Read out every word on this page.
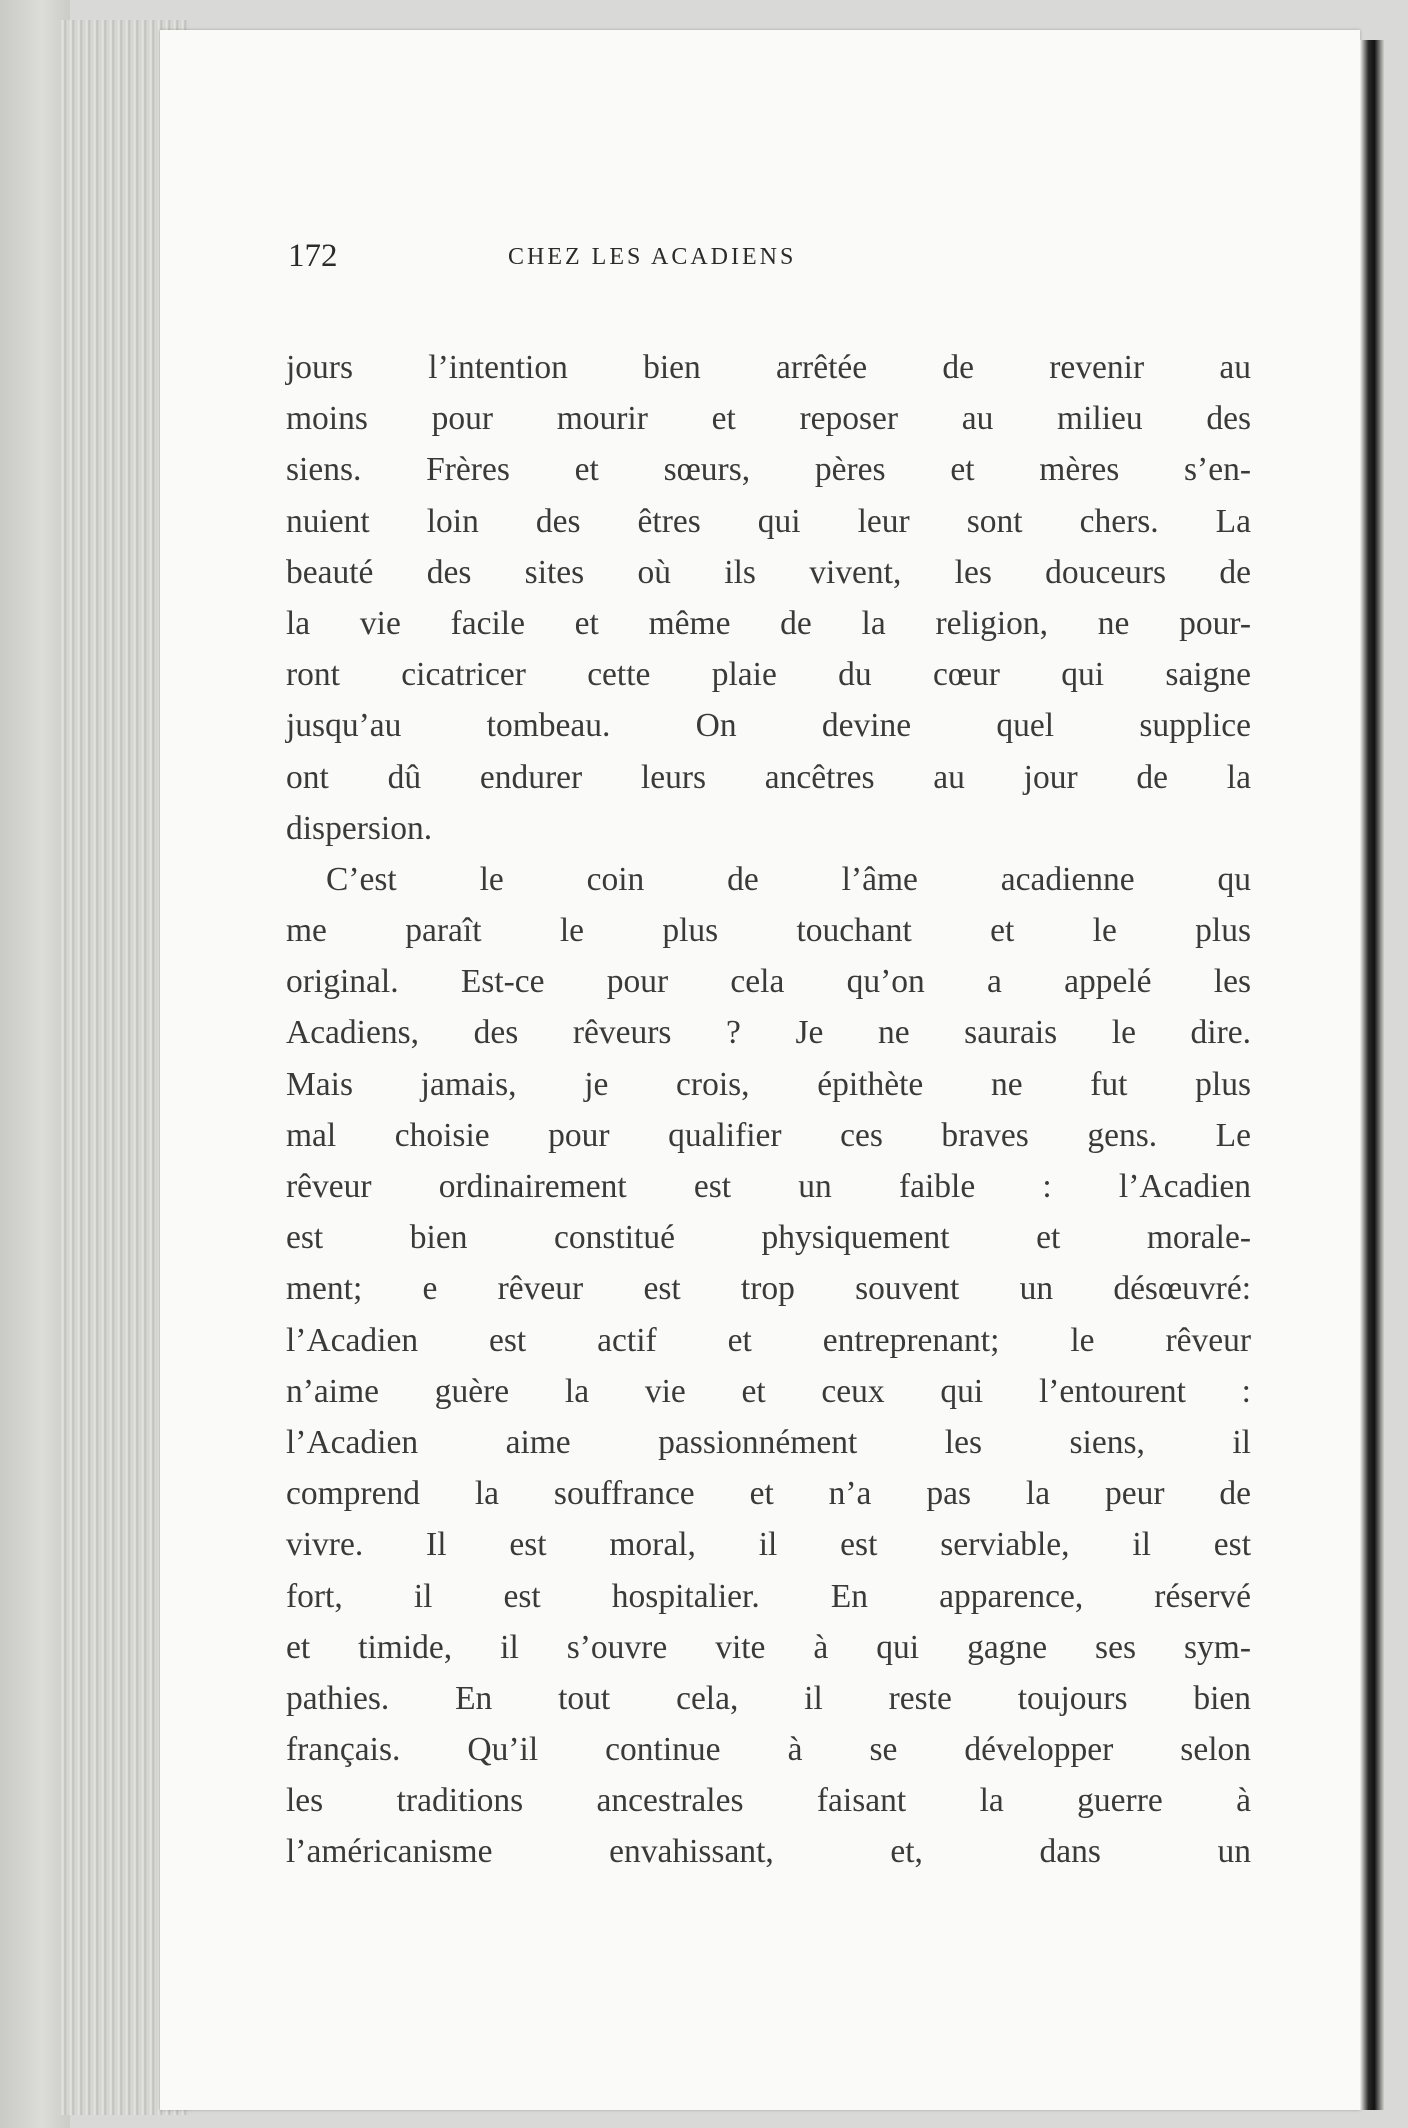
172	CHEZ LES ACADIENS
jours l’intention bien arrêtée de revenir au
moins pour mourir et reposer au milieu des
siens. Frères et sœurs, pères et mères s’en-
nuient loin des êtres qui leur sont chers. La
beauté des sites où ils vivent, les douceurs de
la vie facile et même de la religion, ne pour-
ront cicatricer cette plaie du cœur qui saigne
jusqu’au tombeau. On devine quel supplice
ont dû endurer leurs ancêtres au jour de la
dispersion.
C’est le coin de l’âme acadienne qu
me paraît le plus touchant et le plus
original. Est-ce pour cela qu’on a appelé les
Acadiens, des rêveurs ? Je ne saurais le dire.
Mais jamais, je crois, épithète ne fut plus
mal choisie pour qualifier ces braves gens. Le
rêveur ordinairement est un faible : l’Acadien
est bien constitué physiquement et morale-
ment; e rêveur est trop souvent un désœuvré:
l’Acadien est actif et entreprenant; le rêveur
n’aime guère la vie et ceux qui l’entourent :
l’Acadien aime passionnément les siens, il
comprend la souffrance et n’a pas la peur de
vivre. Il est moral, il est serviable, il est
fort, il est hospitalier. En apparence, réservé
et timide, il s’ouvre vite à qui gagne ses sym-
pathies. En tout cela, il reste toujours bien
français. Qu’il continue à se développer selon
les traditions ancestrales faisant la guerre à
l’américanisme envahissant, et, dans un
